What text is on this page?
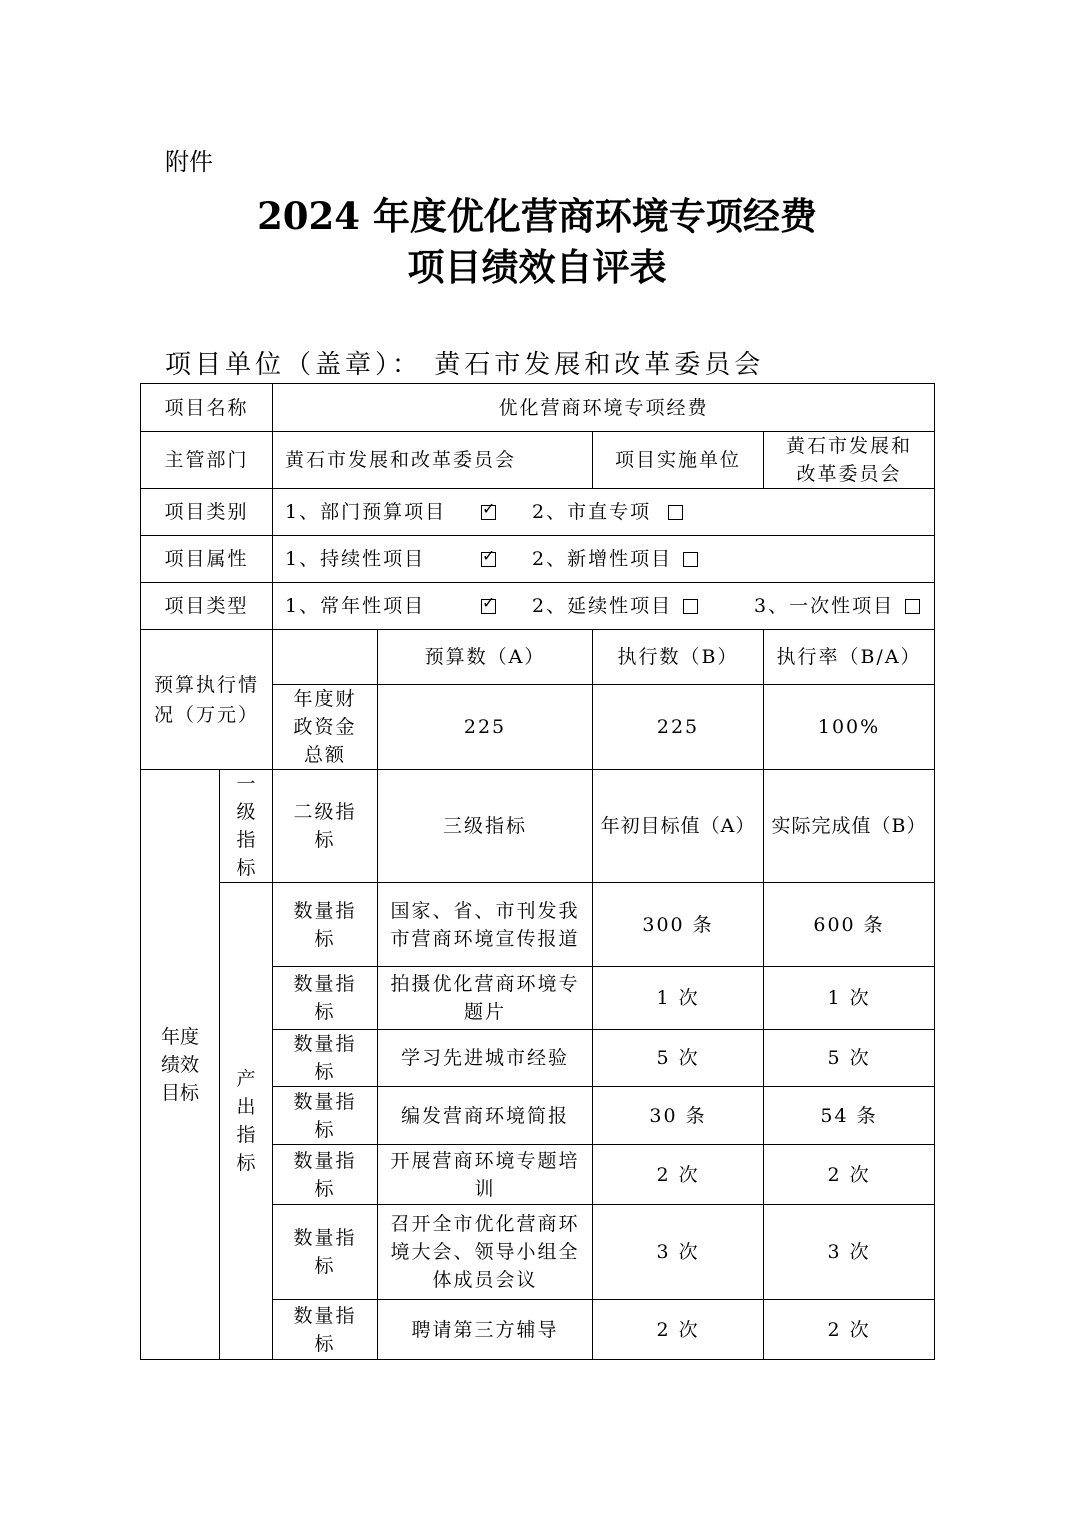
附件
2024 年度优化营商环境专项经费
项目绩效自评表
项目单位（盖章）： 黄石市发展和改革委员会
项目名称		优化营商环境专项经费			
主管部门		黄石市发展和改革委员会		项目实施单位	黄石市发展和改革委员会
项目类别		1、部门预算项目✓ 2、市直专项
项目属性		1、持续性项目✓ 2、新增性项目
项目类型		1、常年性项目 ✓ 2、延续性项目 3、一次性项目
预算执行情况（万元）			预算数（A）	执行数（B）	执行率（B/A）
		年度财政资金总额	225	225	100%
年度绩效目标	一级指标	二级指标	三级指标	年初目标值（A）	实际完成值（B）
	产出指标	数量指标	国家、省、市刊发我市营商环境宣传报道	300 条	600 条
		数量指标	拍摄优化营商环境专题片	1 次	1 次
		数量指标	学习先进城市经验	5 次	5 次
		数量指标	编发营商环境简报	30 条	54 条
		数量指标	开展营商环境专题培训	2 次	2 次
		数量指标	召开全市优化营商环境大会、领导小组全体成员会议	3 次	3 次
		数量指标	聘请第三方辅导	2 次	2 次
